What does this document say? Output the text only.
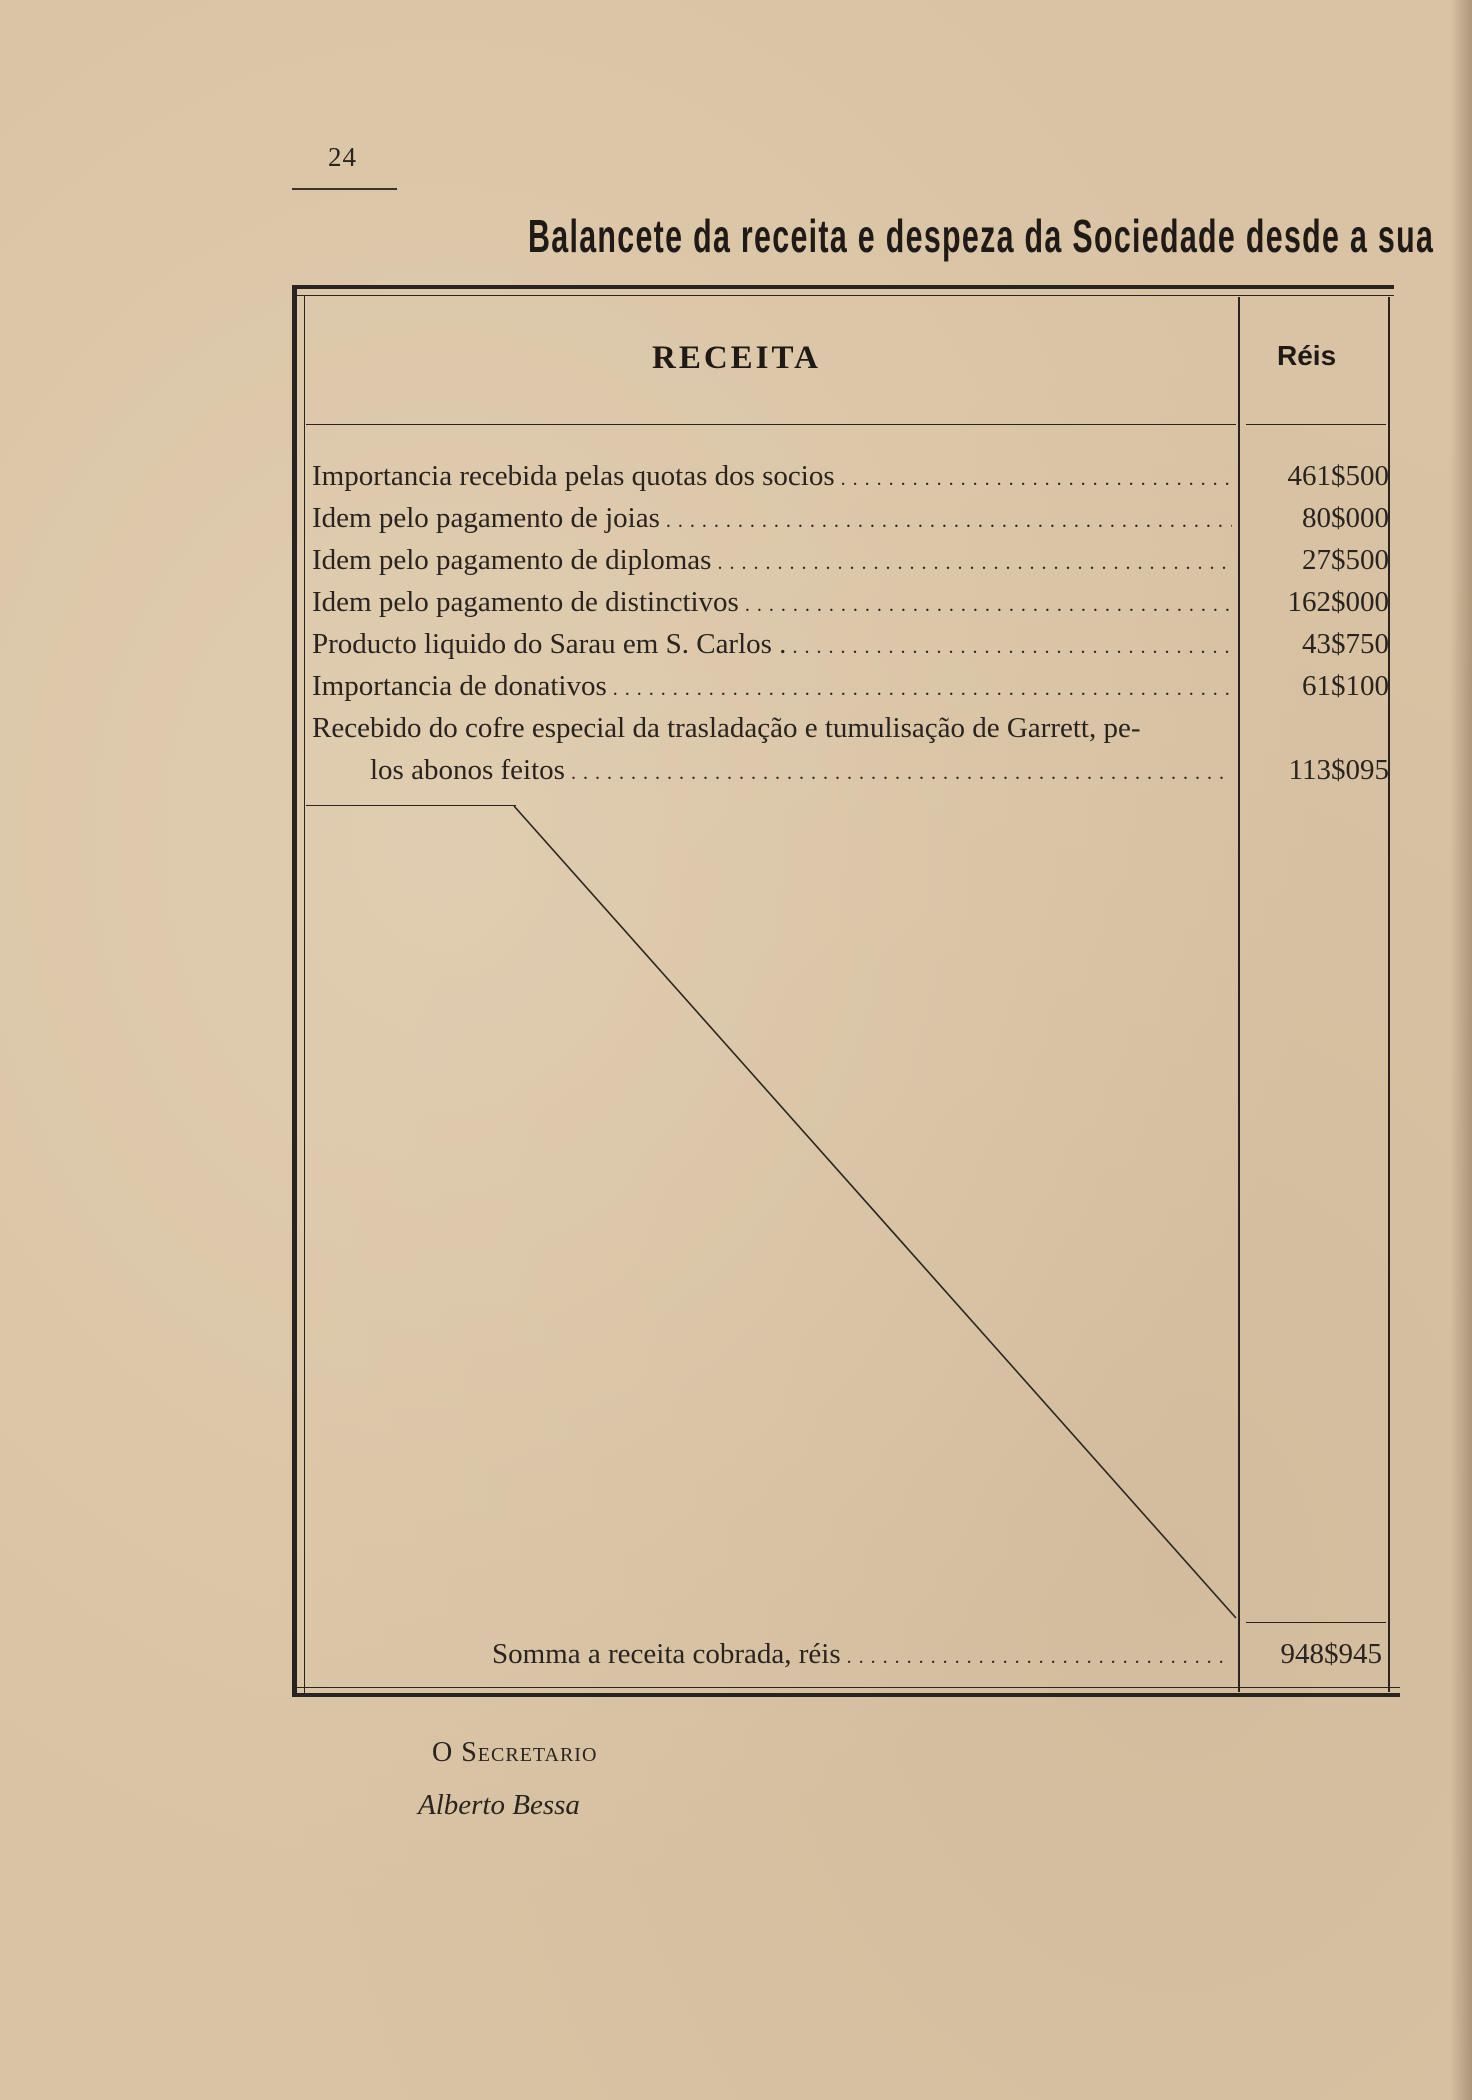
24
Balancete da receita e despeza da Sociedade desde a sua
RECEITA	Réis
Importancia recebida pelas quotas dos socios . . .	461$500
Idem pelo pagamento de joias . . .	80$000
Idem pelo pagamento de diplomas . . .	27$500
Idem pelo pagamento de distinctivos . . .	162$000
Producto liquido do Sarau em S. Carlos . . . .	43$750
Importancia de donativos . . .	61$100
Recebido do cofre especial da trasladação e tumulisação de Garrett, pe-
los abonos feitos . . .	113$095
Somma a receita cobrada, réis . . .	948$945
O Secretario
Alberto Bessa
